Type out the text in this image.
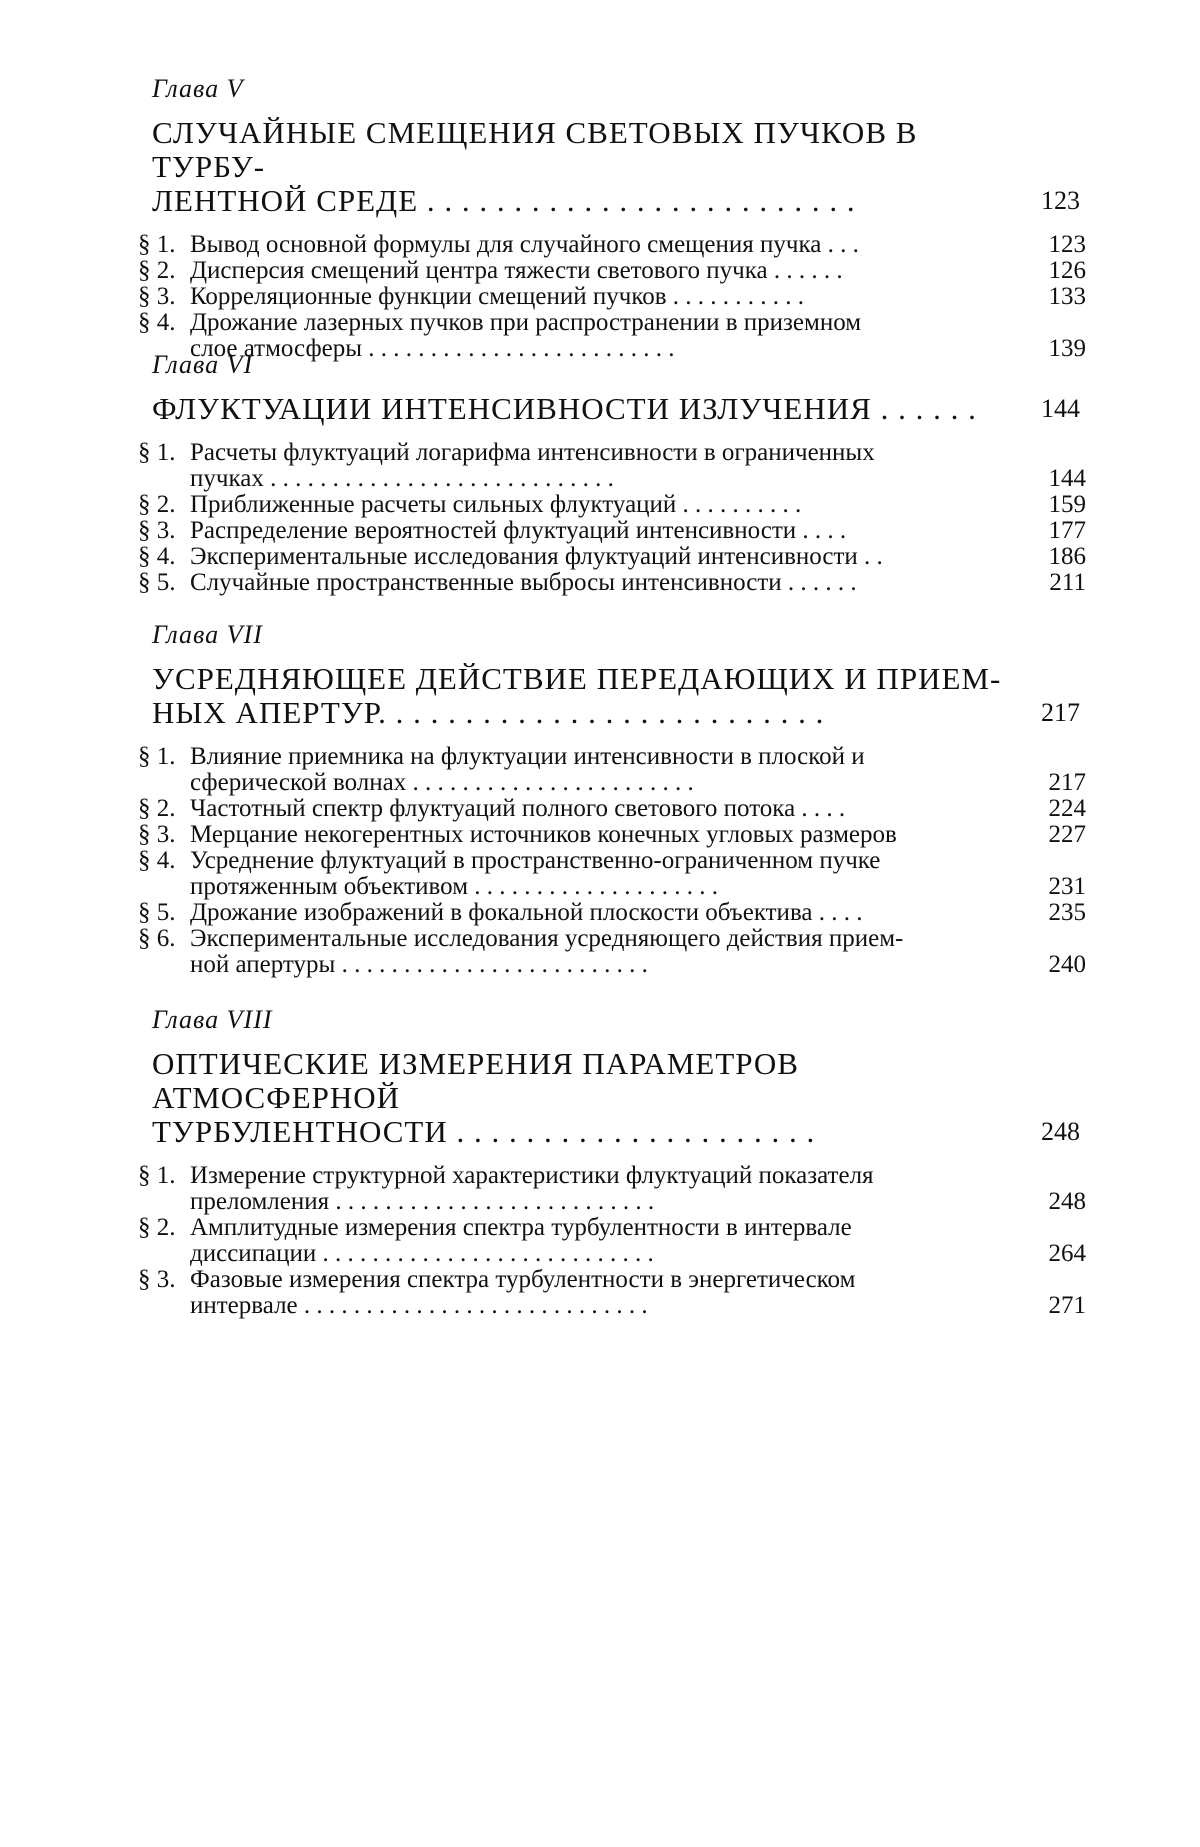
Глава V
СЛУЧАЙНЫЕ СМЕЩЕНИЯ СВЕТОВЫХ ПУЧКОВ В ТУРБУ-
ЛЕНТНОЙ СРЕДЕ . . . . . . . . . . . . . . . . . . . . . . . . .	123
§ 1. Вывод основной формулы для случайного смещения пучка . . .	123
§ 2. Дисперсия смещений центра тяжести светового пучка . . . . . .	126
§ 3. Корреляционные функции смещений пучков . . . . . . . . . . .	133
§ 4. Дрожание лазерных пучков при распространении в приземном
слое атмосферы . . . . . . . . . . . . . . . . . . . . . . . . .	139
Глава VI
ФЛУКТУАЦИИ ИНТЕНСИВНОСТИ ИЗЛУЧЕНИЯ . . . . . .	144
§ 1. Расчеты флуктуаций логарифма интенсивности в ограниченных
пучках . . . . . . . . . . . . . . . . . . . . . . . . . . . .	144
§ 2. Приближенные расчеты сильных флуктуаций . . . . . . . . . .	159
§ 3. Распределение вероятностей флуктуаций интенсивности . . . .	177
§ 4. Экспериментальные исследования флуктуаций интенсивности . .	186
§ 5. Случайные пространственные выбросы интенсивности . . . . . .	211
Глава VII
УСРЕДНЯЮЩЕЕ ДЕЙСТВИЕ ПЕРЕДАЮЩИХ И ПРИЕМ-
НЫХ АПЕРТУР. . . . . . . . . . . . . . . . . . . . . . . . . .	217
§ 1. Влияние приемника на флуктуации интенсивности в плоской и
сферической волнах . . . . . . . . . . . . . . . . . . . . . . .	217
§ 2. Частотный спектр флуктуаций полного светового потока . . . .	224
§ 3. Мерцание некогерентных источников конечных угловых размеров	227
§ 4. Усреднение флуктуаций в пространственно-ограниченном пучке
протяженным объективом . . . . . . . . . . . . . . . . . . . .	231
§ 5. Дрожание изображений в фокальной плоскости объектива . . . .	235
§ 6. Экспериментальные исследования усредняющего действия прием-
ной апертуры . . . . . . . . . . . . . . . . . . . . . . . . .	240
Глава VIII
ОПТИЧЕСКИЕ ИЗМЕРЕНИЯ ПАРАМЕТРОВ АТМОСФЕРНОЙ
ТУРБУЛЕНТНОСТИ . . . . . . . . . . . . . . . . . . . . .	248
§ 1. Измерение структурной характеристики флуктуаций показателя
преломления . . . . . . . . . . . . . . . . . . . . . . . . . .	248
§ 2. Амплитудные измерения спектра турбулентности в интервале
диссипации . . . . . . . . . . . . . . . . . . . . . . . . . . .	264
§ 3. Фазовые измерения спектра турбулентности в энергетическом
интервале . . . . . . . . . . . . . . . . . . . . . . . . . . . .	271
